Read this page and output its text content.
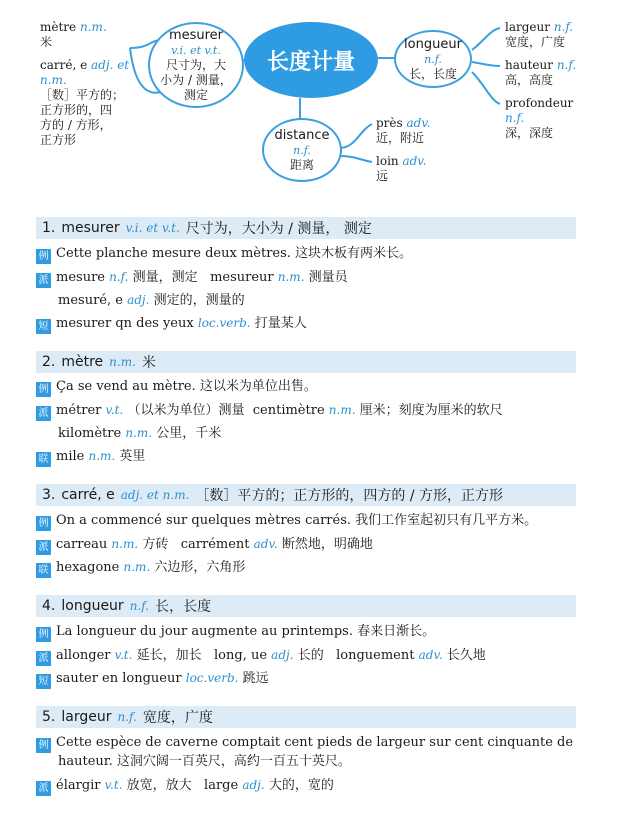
mètre n.m.
米
carré, e adj. et
n.m.
［数］平方的；
正方形的，四
方的 / 方形，
正方形
mesurer
v.i. et v.t.
尺寸为，大
小为 / 测量，
测定
长度计量
longueur
n.f.
长，长度
distance
n.f.
距离
près adv.
近，附近
loin adv.
远
largeur n.f.
宽度，广度
hauteur n.f.
高，高度
profondeur
n.f.
深，深度
1. mesurer v.i. et v.t. 尺寸为，大小为 / 测量， 测定
例 Cette planche mesure deux mètres. 这块木板有两米长。
派 mesure n.f. 测量，测定 mesureur n.m. 测量员
mesuré, e adj. 测定的，测量的
短 mesurer qn des yeux loc.verb. 打量某人
2. mètre n.m. 米
例 Ça se vend au mètre. 这以米为单位出售。
派 métrer v.t. （以米为单位）测量 centimètre n.m. 厘米；刻度为厘米的软尺
kilomètre n.m. 公里，千米
联 mile n.m. 英里
3. carré, e adj. et n.m. ［数］平方的；正方形的，四方的 / 方形，正方形
例 On a commencé sur quelques mètres carrés. 我们工作室起初只有几平方米。
派 carreau n.m. 方砖 carrément adv. 断然地，明确地
联 hexagone n.m. 六边形，六角形
4. longueur n.f. 长，长度
例 La longueur du jour augmente au printemps. 春来日渐长。
派 allonger v.t. 延长，加长 long, ue adj. 长的 longuement adv. 长久地
短 sauter en longueur loc.verb. 跳远
5. largeur n.f. 宽度，广度
例 Cette espèce de caverne comptait cent pieds de largeur sur cent cinquante de
hauteur. 这洞穴阔一百英尺，高约一百五十英尺。
派 élargir v.t. 放宽，放大 large adj. 大的，宽的
